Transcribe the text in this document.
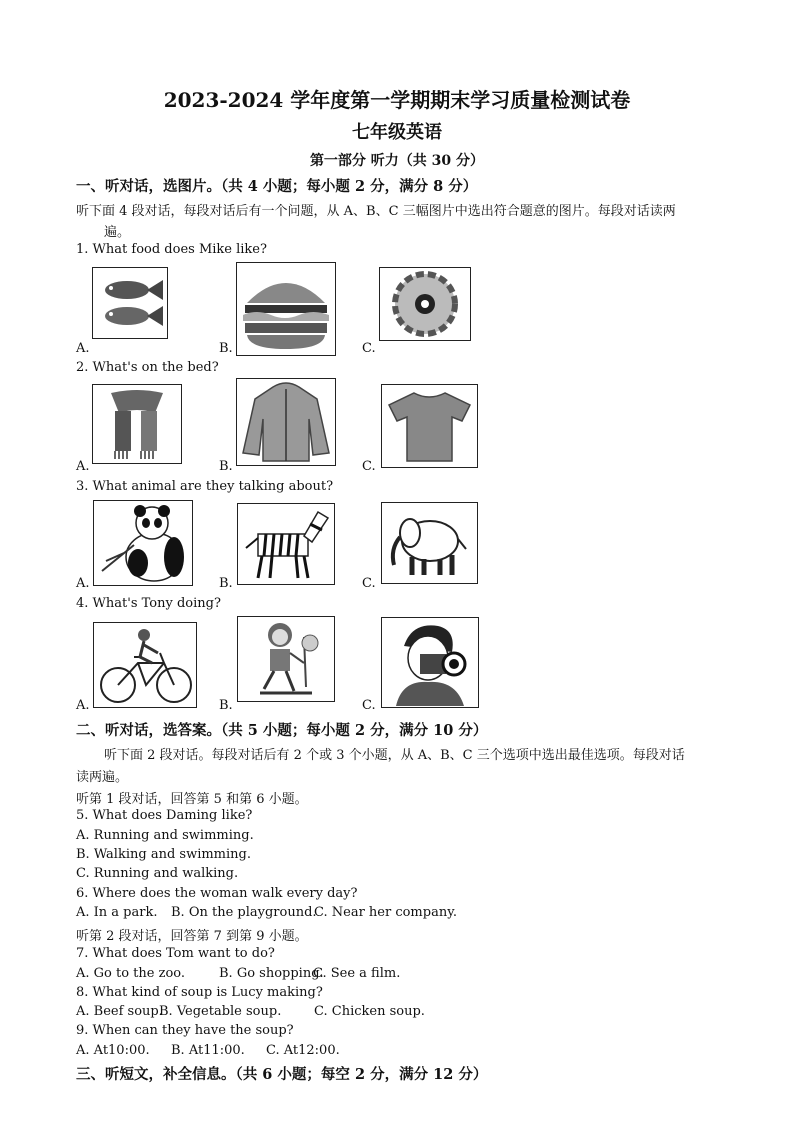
2023-2024 学年度第一学期期末学习质量检测试卷
七年级英语
第一部分 听力（共 30 分）
一、听对话，选图片。（共 4 小题；每小题 2 分，满分 8 分）
听下面 4 段对话，每段对话后有一个问题，从 A、B、C 三幅图片中选出符合题意的图片。每段对话读两
遍。
1. What food does Mike like?
A.	B.	C.
2. What's on the bed?
A.	B.	C.
3. What animal are they talking about?
A.	B.	C.
4. What's Tony doing?
A.	B.	C.
二、听对话，选答案。（共 5 小题；每小题 2 分，满分 10 分）
听下面 2 段对话。每段对话后有 2 个或 3 个小题，从 A、B、C 三个选项中选出最佳选项。每段对话
读两遍。
听第 1 段对话，回答第 5 和第 6 小题。
5. What does Daming like?
A. Running and swimming.
B. Walking and swimming.
C. Running and walking.
6. Where does the woman walk every day?
A. In a park. B. On the playground.
C. Near her company.
听第 2 段对话，回答第 7 到第 9 小题。
7. What does Tom want to do?
A. Go to the zoo.	B. Go shopping.
C. See a film.
8. What kind of soup is Lucy making?
A. Beef soup.
B. Vegetable soup.	C. Chicken soup.
9. When can they have the soup?
A. At10:00. B. At11:00. C. At12:00.
三、听短文，补全信息。（共 6 小题；每空 2 分，满分 12 分）
